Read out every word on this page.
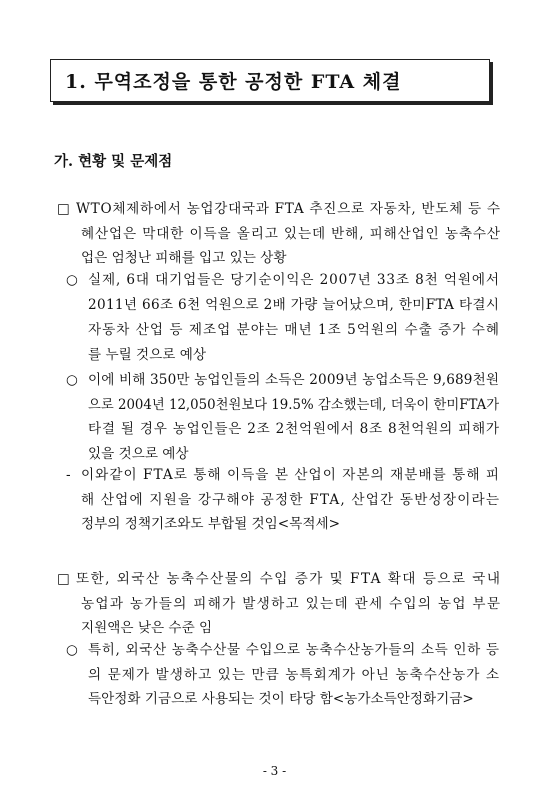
1. 무역조정을 통한 공정한 FTA 체결
가. 현황 및 문제점
□ WTO체제하에서 농업강대국과 FTA 추진으로 자동차, 반도체 등 수
혜산업은 막대한 이득을 올리고 있는데 반해, 피해산업인 농축수산
업은 엄청난 피해를 입고 있는 상황
○ 실제, 6대 대기업들은 당기순이익은 2007년 33조 8천 억원에서
2011년 66조 6천 억원으로 2배 가량 늘어났으며, 한미FTA 타결시
자동차 산업 등 제조업 분야는 매년 1조 5억원의 수출 증가 수혜
를 누릴 것으로 예상
○ 이에 비해 350만 농업인들의 소득은 2009년 농업소득은 9,689천원
으로 2004년 12,050천원보다 19.5% 감소했는데, 더욱이 한미FTA가
타결 될 경우 농업인들은 2조 2천억원에서 8조 8천억원의 피해가
있을 것으로 예상
- 이와같이 FTA로 통해 이득을 본 산업이 자본의 재분배를 통해 피
해 산업에 지원을 강구해야 공정한 FTA, 산업간 동반성장이라는
정부의 정책기조와도 부합될 것임<목적세>
□ 또한, 외국산 농축수산물의 수입 증가 및 FTA 확대 등으로 국내
농업과 농가들의 피해가 발생하고 있는데 관세 수입의 농업 부문
지원액은 낮은 수준 임
○ 특히, 외국산 농축수산물 수입으로 농축수산농가들의 소득 인하 등
의 문제가 발생하고 있는 만큼 농특회계가 아닌 농축수산농가 소
득안정화 기금으로 사용되는 것이 타당 함<농가소득안정화기금>
- 3 -
